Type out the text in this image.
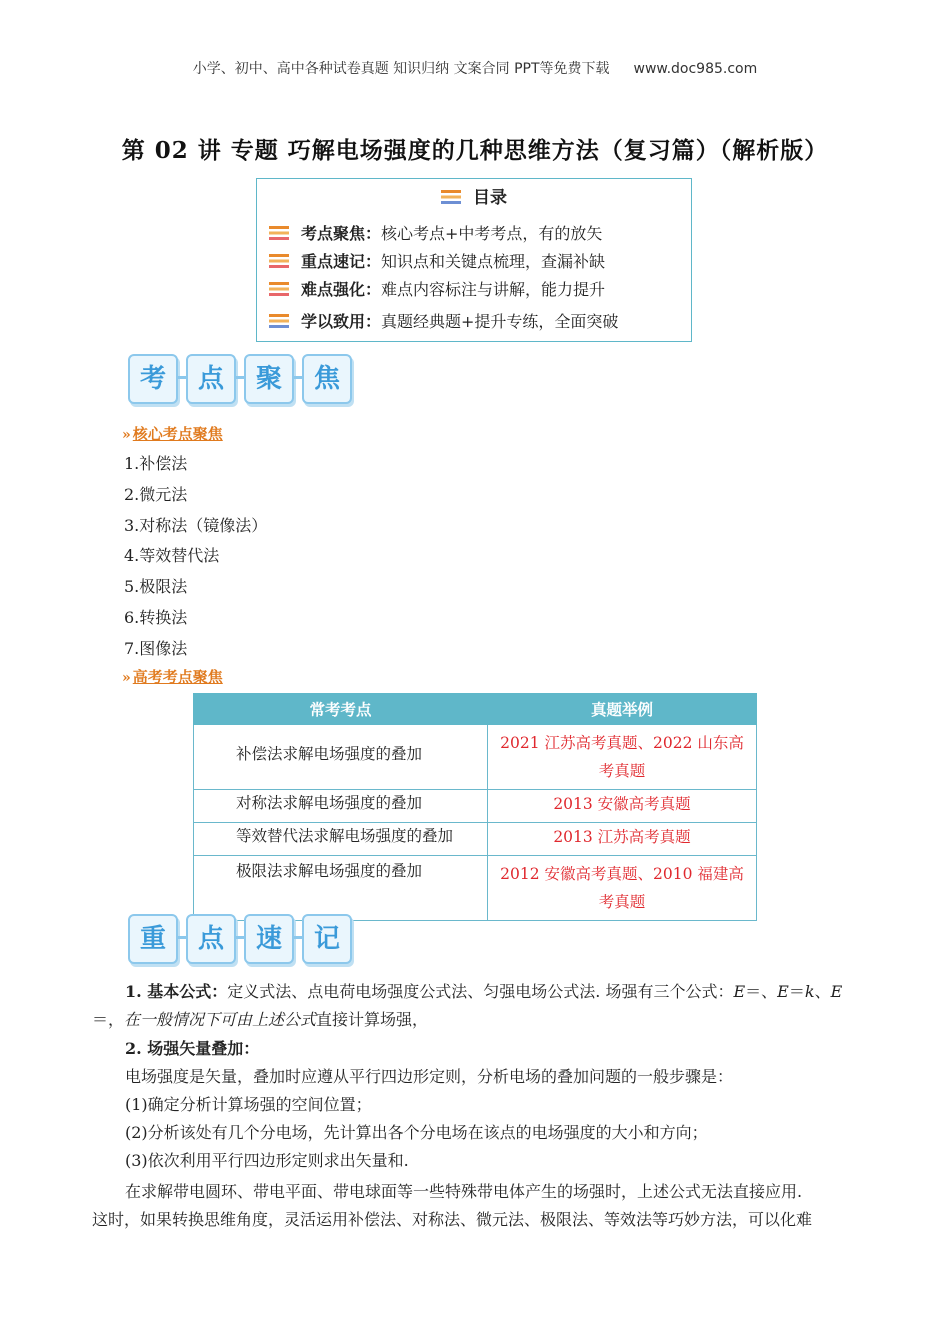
小学、初中、高中各种试卷真题 知识归纳 文案合同 PPT等免费下载 www.doc985.com
第 02 讲 专题 巧解电场强度的几种思维方法（复习篇）（解析版）
目录
考点聚焦：核心考点+中考考点，有的放矢
重点速记：知识点和关键点梳理，查漏补缺
难点强化：难点内容标注与讲解，能力提升
学以致用：真题经典题+提升专练，全面突破
考	点	聚	焦
» 核心考点聚焦
1.补偿法
2.微元法
3.对称法（镜像法）
4.等效替代法
5.极限法
6.转换法
7.图像法
» 高考考点聚焦
常考考点	真题举例
补偿法求解电场强度的叠加	2021 江苏高考真题、2022 山东高考真题
对称法求解电场强度的叠加	2013 安徽高考真题
等效替代法求解电场强度的叠加	2013 江苏高考真题
极限法求解电场强度的叠加	2012 安徽高考真题、2010 福建高考真题
重	点	速	记
1. 基本公式：定义式法、点电荷电场强度公式法、匀强电场公式法. 场强有三个公式：E＝、E＝k、E
＝，在一般情况下可由上述公式直接计算场强，
2. 场强矢量叠加：
电场强度是矢量，叠加时应遵从平行四边形定则，分析电场的叠加问题的一般步骤是：
(1)确定分析计算场强的空间位置；
(2)分析该处有几个分电场，先计算出各个分电场在该点的电场强度的大小和方向；
(3)依次利用平行四边形定则求出矢量和.
在求解带电圆环、带电平面、带电球面等一些特殊带电体产生的场强时，上述公式无法直接应用.
这时，如果转换思维角度，灵活运用补偿法、对称法、微元法、极限法、等效法等巧妙方法，可以化难
